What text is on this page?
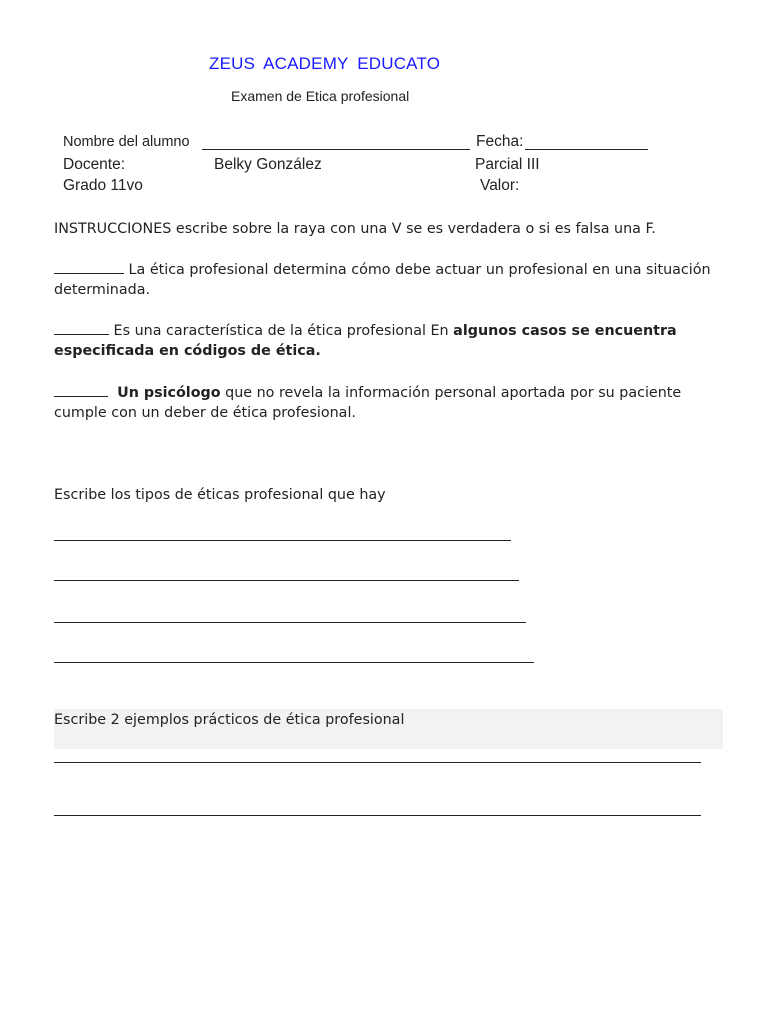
ZEUS ACADEMY EDUCATO
Examen de Etica profesional
Nombre del alumno	Fecha:
Docente:	Belky González	Parcial III
Grado 11vo	Valor:
INSTRUCCIONES escribe sobre la raya con una V se es verdadera o si es falsa una F.
La ética profesional determina cómo debe actuar un profesional en una situación determinada.
Es una característica de la ética profesional En algunos casos se encuentra especificada en códigos de ética.
Un psicólogo que no revela la información personal aportada por su paciente cumple con un deber de ética profesional.
Escribe los tipos de éticas profesional que hay
Escribe 2 ejemplos prácticos de ética profesional
